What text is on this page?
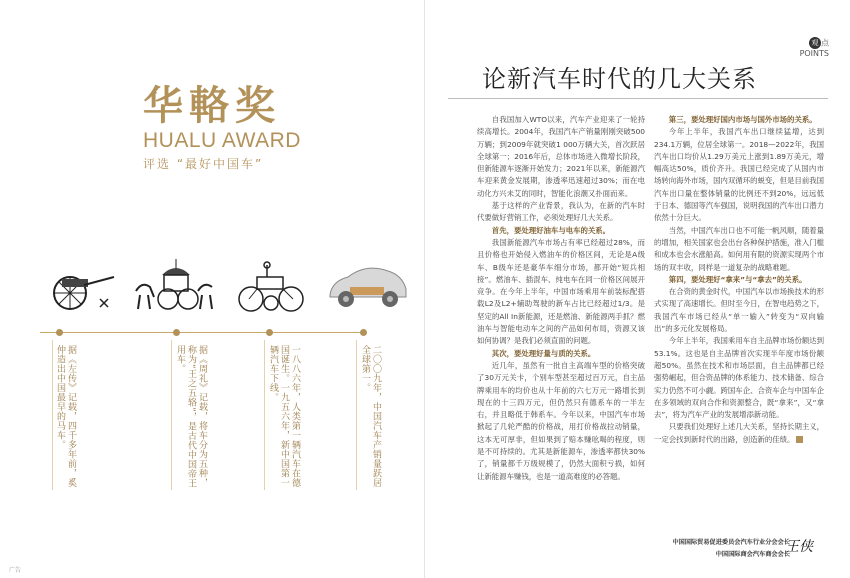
华輅奖
HUALU AWARD
评选 “最好中国车”
据《左传》记载，四千多年前，奚仲造出中国最早的马车。	据《周礼》记载，将车分为五种，称为“王之五辂”，是古代中国帝王用车。	一八八六年，人类第一辆汽车在德国诞生。一九五六年，新中国第一辆汽车下线。	二〇〇九年，中国汽车产销量跃居全球第一。
广告
观 点
POINTS
论新汽车时代的几大关系

自我国加入WTO以来，汽车产业迎来了一轮持续高增长。2004年，我国汽车产销量刚刚突破500万辆；到2009年就突破1 000万辆大关，首次跃居全球第一；2016年后，总体市场进入微增长阶段，但新能源车逐渐开始发力；2021年以来，新能源汽车迎来黄金发展期，渗透率迅速超过30%；而在电动化方兴未艾的同时，智能化浪潮又扑面而来。

基于这样的产业背景，我认为，在新的汽车时代要做好营销工作，必须处理好几大关系。

首先，要处理好油车与电车的关系。

我国新能源汽车市场占有率已经超过28%，而且价格也开始侵入燃油车的价格区间，无论是A级车、B级车还是豪华车细分市场，都开始“短兵相接”。燃油车、插混车、纯电车在同一价格区间展开竞争。在今年上半年，中国市场乘用车前装标配搭载L2及L2+辅助驾驶的新车占比已经超过1/3。是坚定的All In新能源，还是燃油、新能源两手抓？燃油车与智能电动车之间的产品如何布局，资源又该如何协调？是我们必须直面的问题。

其次，要处理好量与质的关系。

近几年，虽然有一批自主高端车型的价格突破了30万元关卡，个别车型甚至超过百万元，自主品牌乘用车的均价也从十年前的六七万元一路增长到现在的十三四万元，但仍然只有德系车的一半左右，并且略低于韩系车。今年以来，中国汽车市场掀起了几轮严酷的价格战，用打价格战拉动销量，这本无可厚非，但如果到了赔本赚吆喝的程度，则是不可持续的。尤其是新能源车，渗透率都快30%了，销量都千万级规模了，仍然大面积亏损，如何让新能源车赚钱，也是一道高难度的必答题。

第三，要处理好国内市场与国外市场的关系。

今年上半年，我国汽车出口继续猛增，达到234.1万辆，位居全球第一。2018—2022年，我国汽车出口均价从1.29万美元上涨到1.89万美元，增幅高达50%，质价齐升。我国已经完成了从国内市场转向海外市场，国内双循环的蜕变，但是目前我国汽车出口量在整体销量的比例还不到20%，远远低于日本、德国等汽车强国，说明我国的汽车出口潜力依然十分巨大。

当然，中国汽车出口也不可能一帆风顺，随着量的增加，相关国家也会出台各种保护措施，准入门槛和成本也会水涨船高。如何用有限的资源实现两个市场的双丰收，同样是一道复杂的战略难题。

第四，要处理好“拿来”与“拿去”的关系。

在合资的黄金时代，中国汽车以市场换技术的形式实现了高速增长。但时至今日，在智电趋势之下，我国汽车市场已经从“单一输入”转变为“双向输出”的多元化发展格局。

今年上半年，我国乘用车自主品牌市场份额达到53.1%。这也是自主品牌首次实现半年度市场份额超50%。虽然在技术和市场层面，自主品牌都已经强势崛起，但合资品牌的体系能力、技术储备、综合实力仍然不可小觑。跨国车企、合资车企与中国车企在多领域的双向合作和资源整合，既“拿来”，又“拿去”，将为汽车产业的发展增添新动能。

只要我们处理好上述几大关系，坚持长期主义，一定会找到新时代的出路，创造新的佳绩。

中国国际贸易促进委员会汽车行业分会会长
中国国际商会汽车商会会长
王侠
